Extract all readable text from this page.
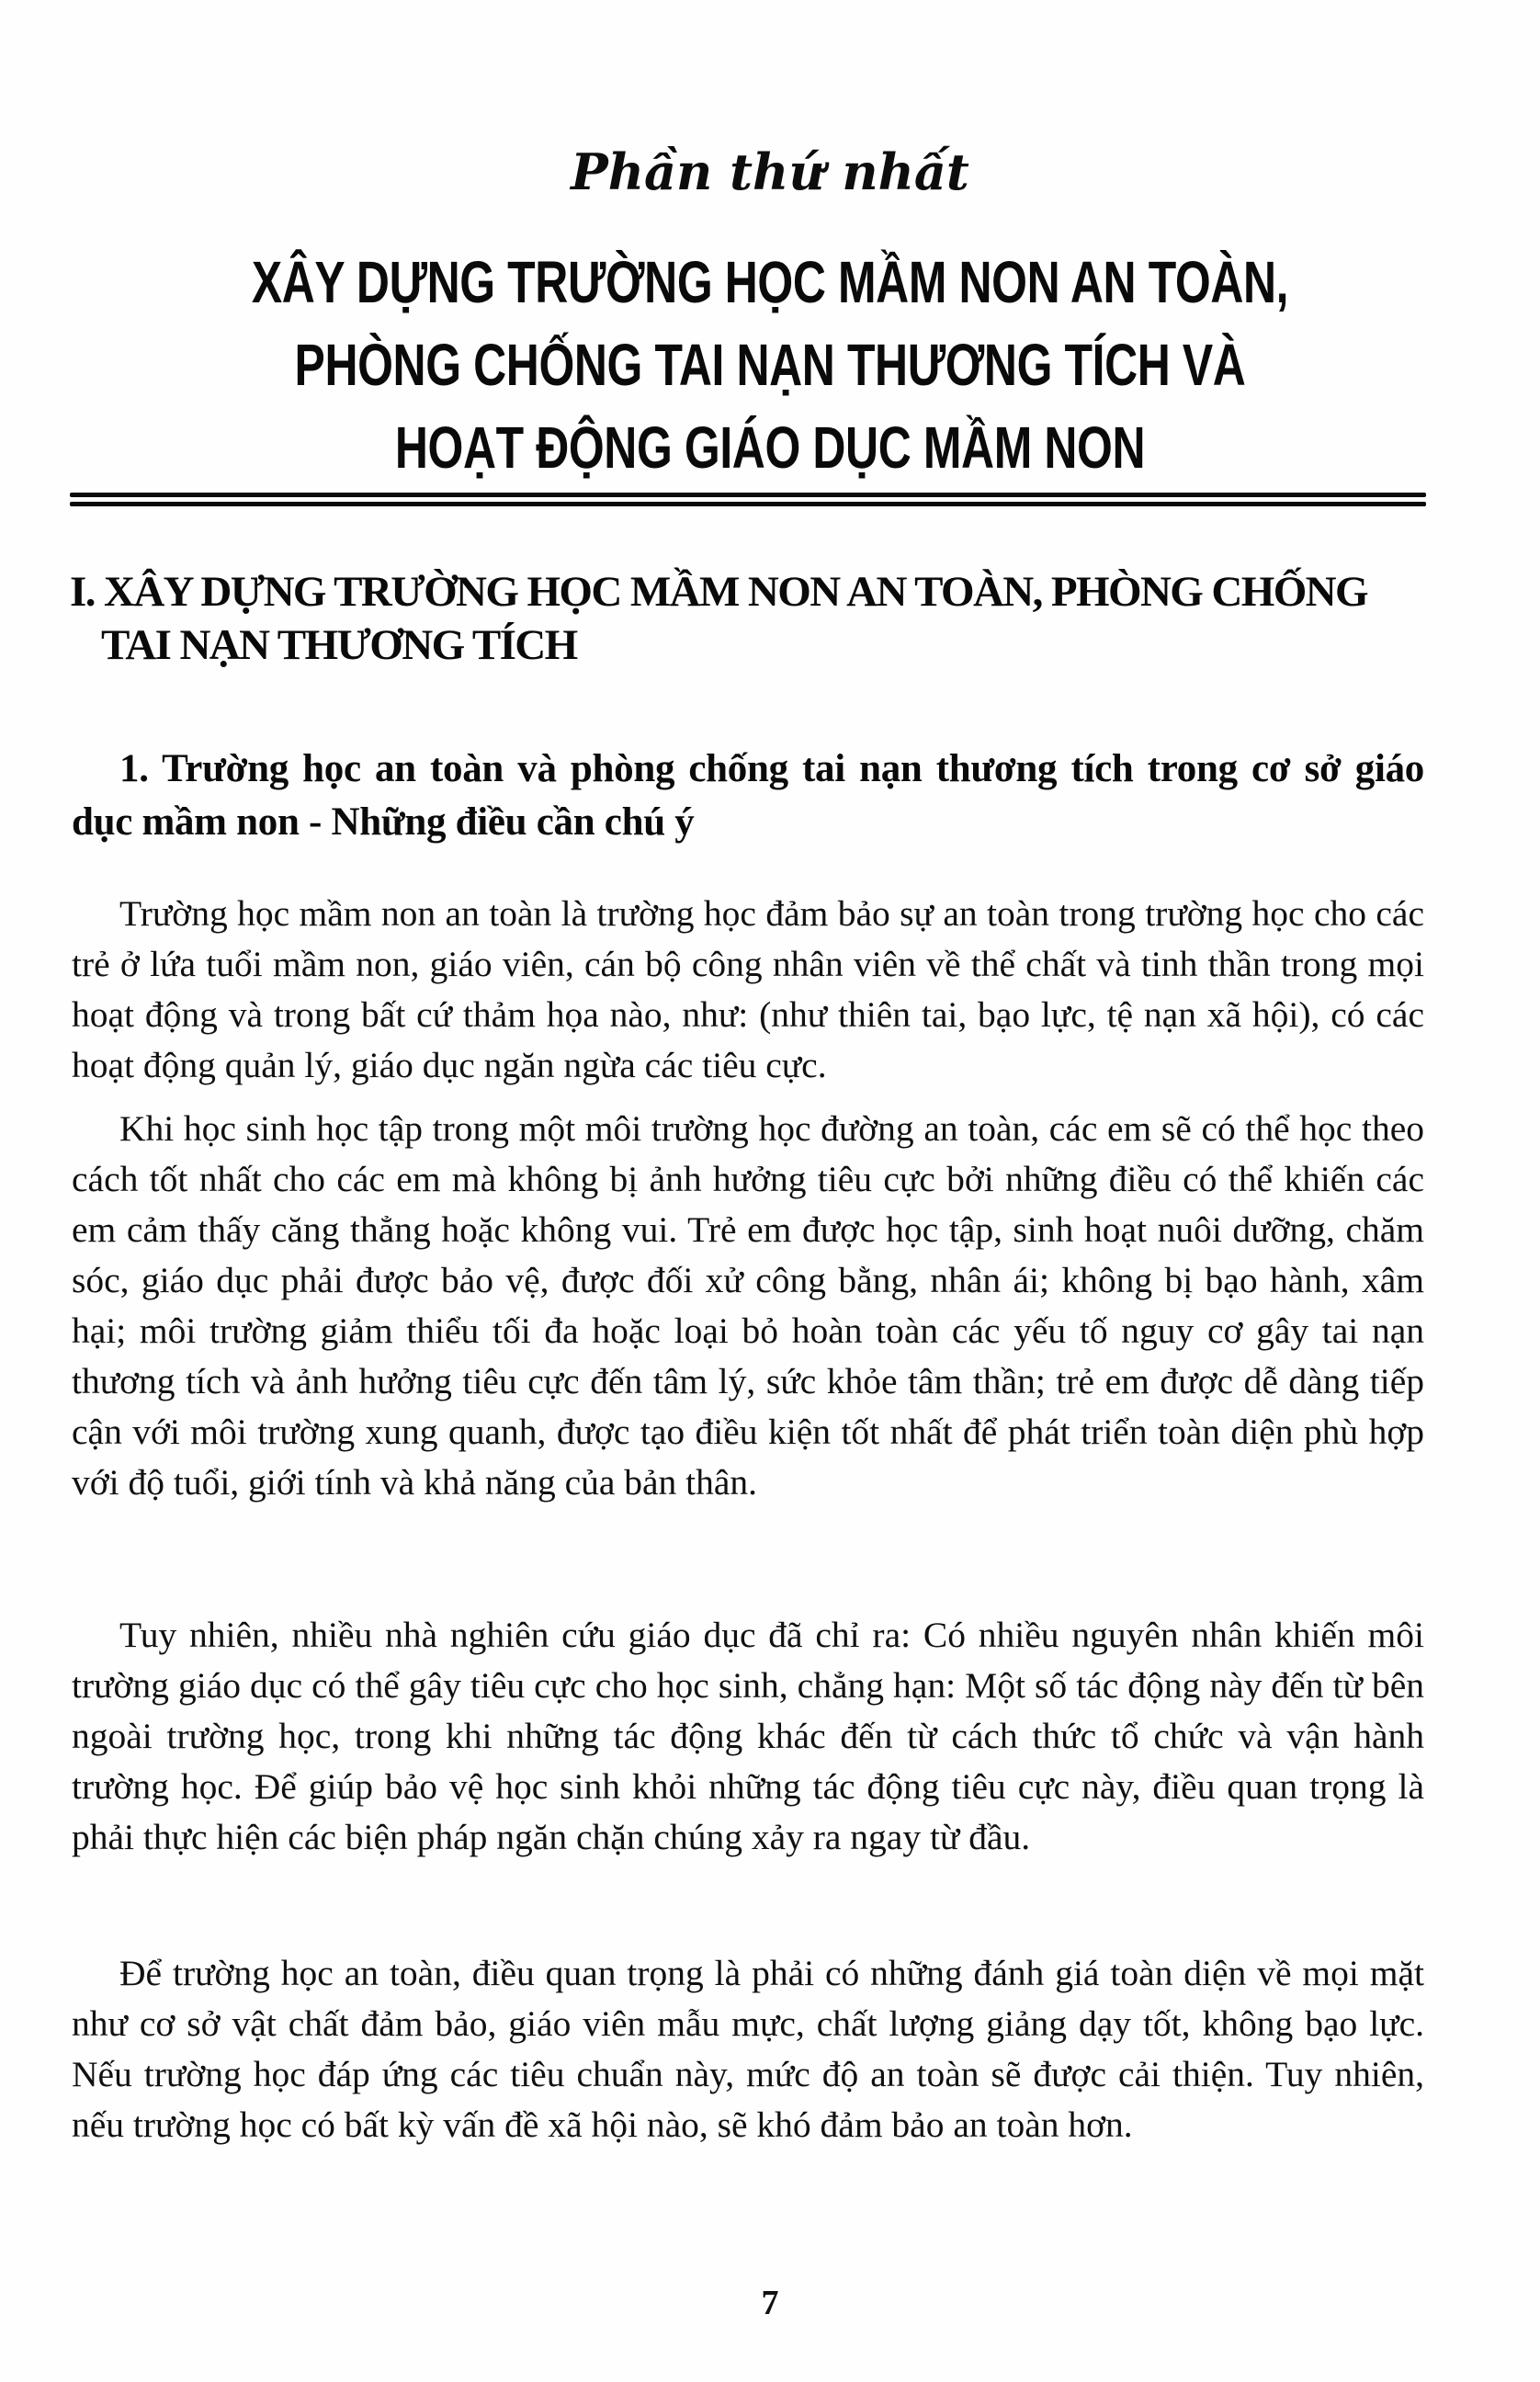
Phần thứ nhất
XÂY DỰNG TRƯỜNG HỌC MẦM NON AN TOÀN,
PHÒNG CHỐNG TAI NẠN THƯƠNG TÍCH VÀ
HOẠT ĐỘNG GIÁO DỤC MẦM NON
I. XÂY DỰNG TRƯỜNG HỌC MẦM NON AN TOÀN, PHÒNG CHỐNG
TAI NẠN THƯƠNG TÍCH
1. Trường học an toàn và phòng chống tai nạn thương tích trong cơ sở giáo dục mầm non - Những điều cần chú ý

Trường học mầm non an toàn là trường học đảm bảo sự an toàn trong trường học cho các trẻ ở lứa tuổi mầm non, giáo viên, cán bộ công nhân viên về thể chất và tinh thần trong mọi hoạt động và trong bất cứ thảm họa nào, như: (như thiên tai, bạo lực, tệ nạn xã hội), có các hoạt động quản lý, giáo dục ngăn ngừa các tiêu cực.

Khi học sinh học tập trong một môi trường học đường an toàn, các em sẽ có thể học theo cách tốt nhất cho các em mà không bị ảnh hưởng tiêu cực bởi những điều có thể khiến các em cảm thấy căng thẳng hoặc không vui. Trẻ em được học tập, sinh hoạt nuôi dưỡng, chăm sóc, giáo dục phải được bảo vệ, được đối xử công bằng, nhân ái; không bị bạo hành, xâm hại; môi trường giảm thiểu tối đa hoặc loại bỏ hoàn toàn các yếu tố nguy cơ gây tai nạn thương tích và ảnh hưởng tiêu cực đến tâm lý, sức khỏe tâm thần; trẻ em được dễ dàng tiếp cận với môi trường xung quanh, được tạo điều kiện tốt nhất để phát triển toàn diện phù hợp với độ tuổi, giới tính và khả năng của bản thân.

Tuy nhiên, nhiều nhà nghiên cứu giáo dục đã chỉ ra: Có nhiều nguyên nhân khiến môi trường giáo dục có thể gây tiêu cực cho học sinh, chẳng hạn: Một số tác động này đến từ bên ngoài trường học, trong khi những tác động khác đến từ cách thức tổ chức và vận hành trường học. Để giúp bảo vệ học sinh khỏi những tác động tiêu cực này, điều quan trọng là phải thực hiện các biện pháp ngăn chặn chúng xảy ra ngay từ đầu.

Để trường học an toàn, điều quan trọng là phải có những đánh giá toàn diện về mọi mặt như cơ sở vật chất đảm bảo, giáo viên mẫu mực, chất lượng giảng dạy tốt, không bạo lực. Nếu trường học đáp ứng các tiêu chuẩn này, mức độ an toàn sẽ được cải thiện. Tuy nhiên, nếu trường học có bất kỳ vấn đề xã hội nào, sẽ khó đảm bảo an toàn hơn.

7
